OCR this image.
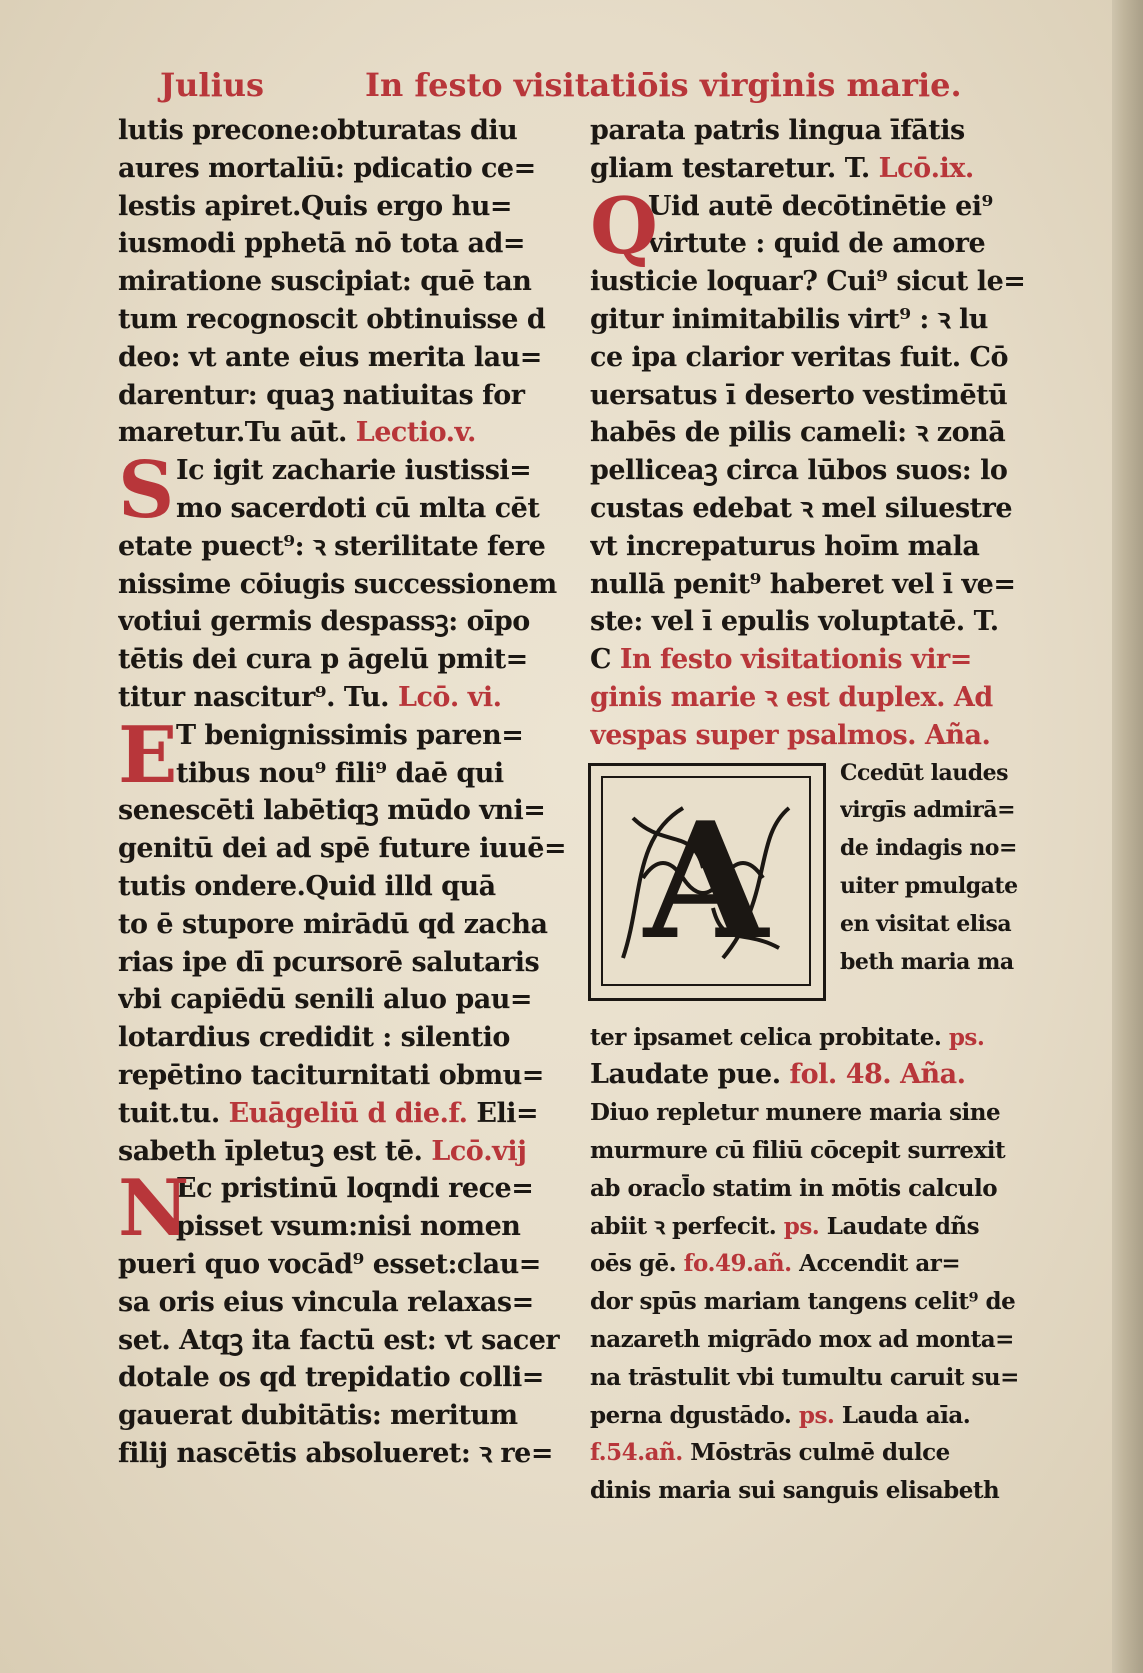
Julius	In festo visitatiōis virginis marie.
lutis precone:obturatas diu
aures mortaliū: pdicatio ce=
lestis apiret.Quis ergo hu=
iusmodi pphetā nō tota ad=
miratione suscipiat: quē tan
tum recognoscit obtinuisse d
deo: vt ante eius merita lau=
darentur: quaꝫ natiuitas for
maretur.Tu aūt. Lectio.v.
S Ic igit zacharie iustissi=
mo sacerdoti cū mlta cēt
etate puect⁹: ꝛ sterilitate fere
nissime cōiugis successionem
votiui germis despassꝫ: oīpo
tētis dei cura p āgelū pmit=
titur nascitur⁹. Tu. Lcō. vi.
E
T benignissimis paren=
tibus nou⁹ fili⁹ daē qui
senescēti labētiqꝫ mūdo vni=
genitū dei ad spē future iuuē=
tutis ondere.Quid illd quā
to ē stupore mirādū qd zacha
rias ipe dī pcursorē salutaris
vbi capiēdū senili aluo pau=
lotardius credidit : silentio
repētino taciturnitati obmu=
tuit.tu. Euāgeliū d die.f. Eli=
sabeth īpletuꝫ est tē. Lcō.vij
N
Ec pristinū loqndi rece=
pisset vsum:nisi nomen
pueri quo vocād⁹ esset:clau=
sa oris eius vincula relaxas=
set. Atqꝫ ita factū est: vt sacer
dotale os qd trepidatio colli=
gauerat dubitātis: meritum
filij nascētis absolueret: ꝛ re=
parata patris lingua īfātis
gliam testaretur. T. Lcō.ix.
Q
Uid autē decōtinētie ei⁹
virtute : quid de amore
iusticie loquar? Cui⁹ sicut le=
gitur inimitabilis virt⁹ : ꝛ lu
ce ipa clarior veritas fuit. Cō
uersatus ī deserto vestimētū
habēs de pilis cameli: ꝛ zonā
pelliceaꝫ circa lūbos suos: lo
custas edebat ꝛ mel siluestre
vt increpaturus hoīm mala
nullā penit⁹ haberet vel ī ve=
ste: vel ī epulis voluptatē. T.
C In festo visitationis vir=
ginis marie ꝛ est duplex. Ad
vespas super psalmos. Aña.
A
Ccedūt laudes
virgīs admirā=
de indagis no=
uiter pmulgate
en visitat elisa
beth maria ma
ter ipsamet celica probitate. ps.
Laudate pue. fol. 48. Aña.
Diuo repletur munere maria sine
murmure cū filiū cōcepit surrexit
ab oracl̄o statim in mōtis calculo
abiit ꝛ perfecit. ps. Laudate dñs
oēs gē. fo.49.añ. Accendit ar=
dor spūs mariam tangens celit⁹ de
nazareth migrādo mox ad monta=
na trāstulit vbi tumultu caruit su=
perna dgustādo. ps. Lauda aīa.
f.54.añ. Mōstrās culmē dulce
dinis maria sui sanguis elisabeth
